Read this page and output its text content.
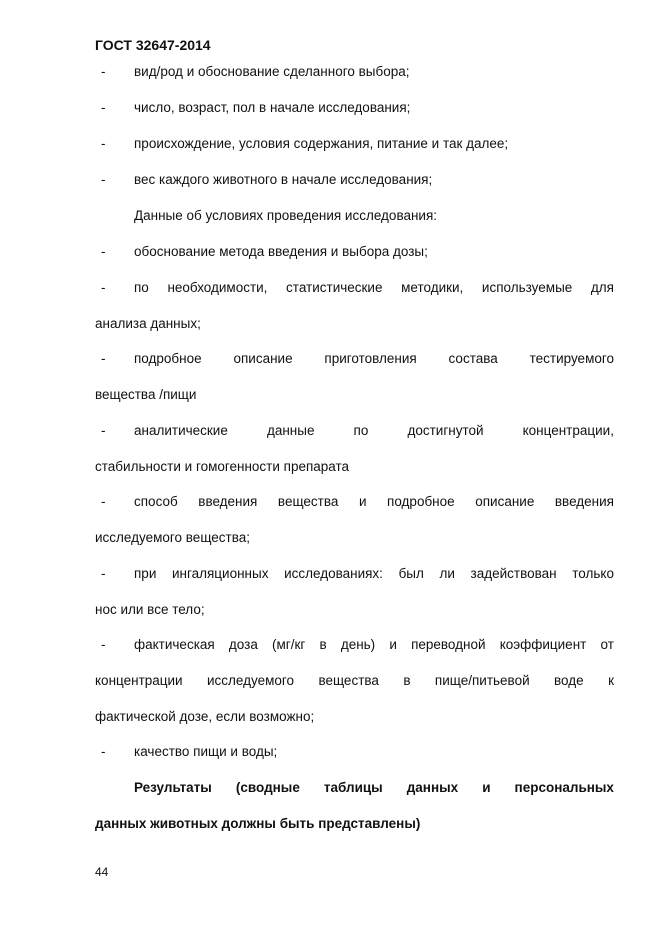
ГОСТ 32647-2014
- вид/род и обоснование сделанного выбора;
- число, возраст, пол в начале исследования;
- происхождение, условия содержания, питание и так далее;
- вес каждого животного в начале исследования;
Данные об условиях проведения исследования:
- обоснование метода введения и выбора дозы;
- по необходимости, статистические методики, используемые для
анализа данных;
- подробное описание приготовления состава тестируемого
вещества /пищи
- аналитические	данные	по	достигнутой	концентрации,
стабильности и гомогенности препарата
- способ введения вещества и подробное описание введения
исследуемого вещества;
- при ингаляционных исследованиях: был ли задействован только
нос или все тело;
- фактическая доза (мг/кг в день) и переводной коэффициент от
концентрации исследуемого вещества в пище/питьевой воде к
фактической дозе, если возможно;
- качество пищи и воды;
Результаты (сводные таблицы данных и персональных
данных животных должны быть представлены)
44
